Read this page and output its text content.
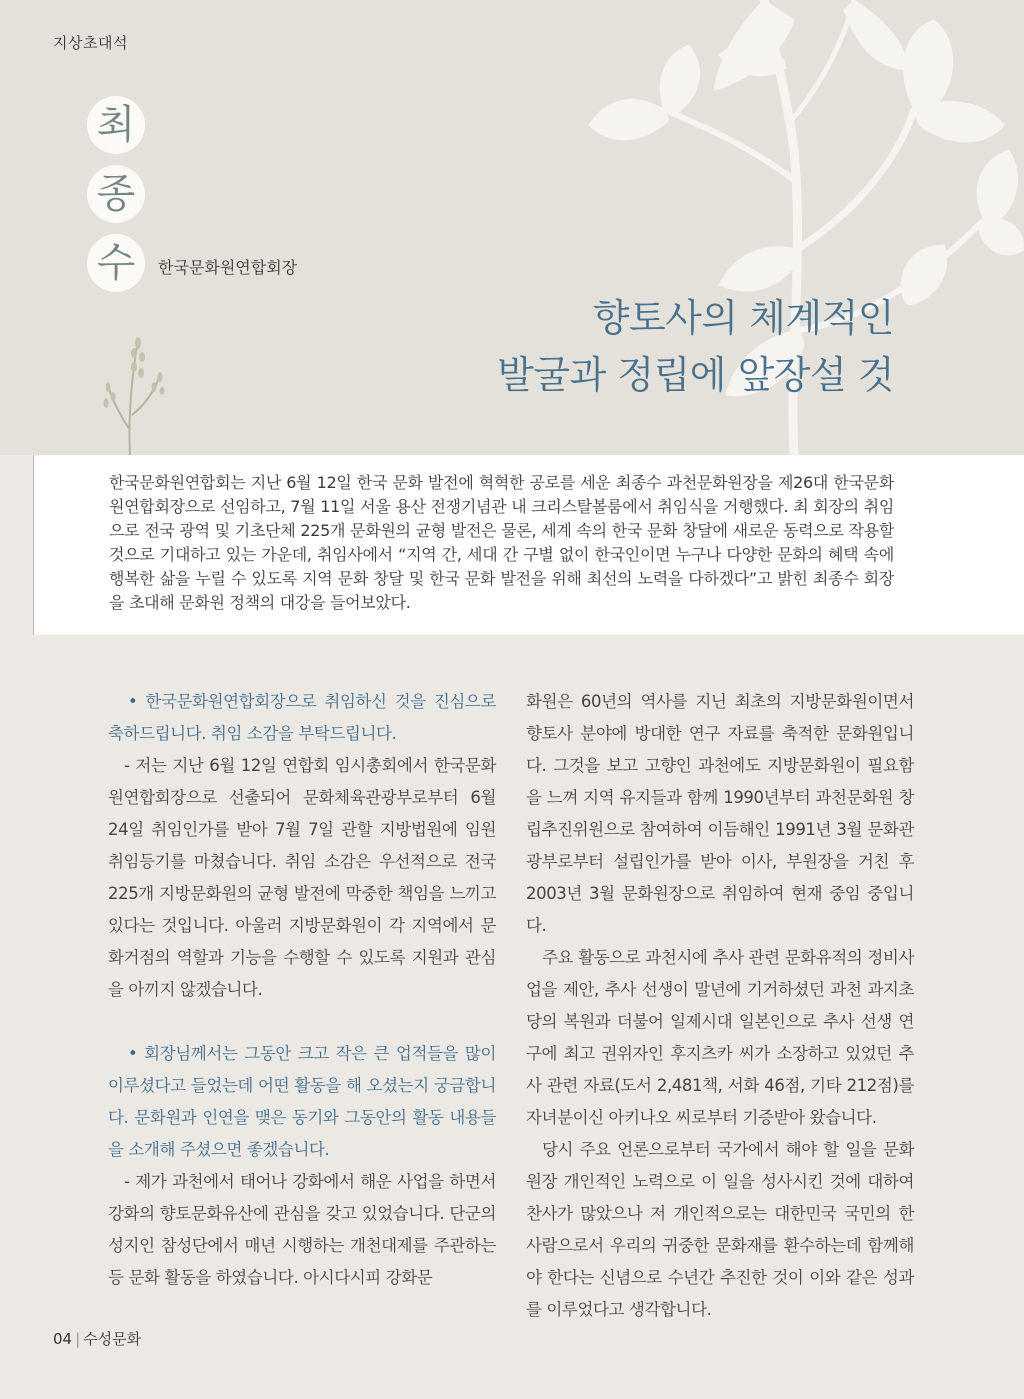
지상초대석
최
종
수	한국문화원연합회장
향토사의 체계적인
발굴과 정립에 앞장설 것
한국문화원연합회는 지난 6월 12일 한국 문화 발전에 혁혁한 공로를 세운 최종수 과천문화원장을 제26대 한국문화원연합회장으로 선임하고, 7월 11일 서울 용산 전쟁기념관 내 크리스탈볼룸에서 취임식을 거행했다. 최 회장의 취임으로 전국 광역 및 기초단체 225개 문화원의 균형 발전은 물론, 세계 속의 한국 문화 창달에 새로운 동력으로 작용할 것으로 기대하고 있는 가운데, 취임사에서 “지역 간, 세대 간 구별 없이 한국인이면 누구나 다양한 문화의 혜택 속에 행복한 삶을 누릴 수 있도록 지역 문화 창달 및 한국 문화 발전을 위해 최선의 노력을 다하겠다”고 밝힌 최종수 회장을 초대해 문화원 정책의 대강을 들어보았다.

• 한국문화원연합회장으로 취임하신 것을 진심으로 축하드립니다. 취임 소감을 부탁드립니다.

- 저는 지난 6월 12일 연합회 임시총회에서 한국문화원연합회장으로 선출되어 문화체육관광부로부터 6월 24일 취임인가를 받아 7월 7일 관할 지방법원에 임원 취임등기를 마쳤습니다. 취임 소감은 우선적으로 전국 225개 지방문화원의 균형 발전에 막중한 책임을 느끼고 있다는 것입니다. 아울러 지방문화원이 각 지역에서 문화거점의 역할과 기능을 수행할 수 있도록 지원과 관심을 아끼지 않겠습니다.

• 회장님께서는 그동안 크고 작은 큰 업적들을 많이 이루셨다고 들었는데 어떤 활동을 해 오셨는지 궁금합니다. 문화원과 인연을 맺은 동기와 그동안의 활동 내용들을 소개해 주셨으면 좋겠습니다.

- 제가 과천에서 태어나 강화에서 해운 사업을 하면서 강화의 향토문화유산에 관심을 갖고 있었습니다. 단군의 성지인 참성단에서 매년 시행하는 개천대제를 주관하는 등 문화 활동을 하였습니다. 아시다시피 강화문

화원은 60년의 역사를 지닌 최초의 지방문화원이면서 향토사 분야에 방대한 연구 자료를 축적한 문화원입니다. 그것을 보고 고향인 과천에도 지방문화원이 필요함을 느껴 지역 유지들과 함께 1990년부터 과천문화원 창립추진위원으로 참여하여 이듬해인 1991년 3월 문화관광부로부터 설립인가를 받아 이사, 부원장을 거친 후 2003년 3월 문화원장으로 취임하여 현재 중임 중입니다.

주요 활동으로 과천시에 추사 관련 문화유적의 정비사업을 제안, 추사 선생이 말년에 기거하셨던 과천 과지초당의 복원과 더불어 일제시대 일본인으로 추사 선생 연구에 최고 권위자인 후지츠카 씨가 소장하고 있었던 추사 관련 자료(도서 2,481책, 서화 46점, 기타 212점)를 자녀분이신 아키나오 씨로부터 기증받아 왔습니다.

당시 주요 언론으로부터 국가에서 해야 할 일을 문화원장 개인적인 노력으로 이 일을 성사시킨 것에 대하여 찬사가 많았으나 저 개인적으로는 대한민국 국민의 한 사람으로서 우리의 귀중한 문화재를 환수하는데 함께해야 한다는 신념으로 수년간 추진한 것이 이와 같은 성과를 이루었다고 생각합니다.

04 | 수성문화
